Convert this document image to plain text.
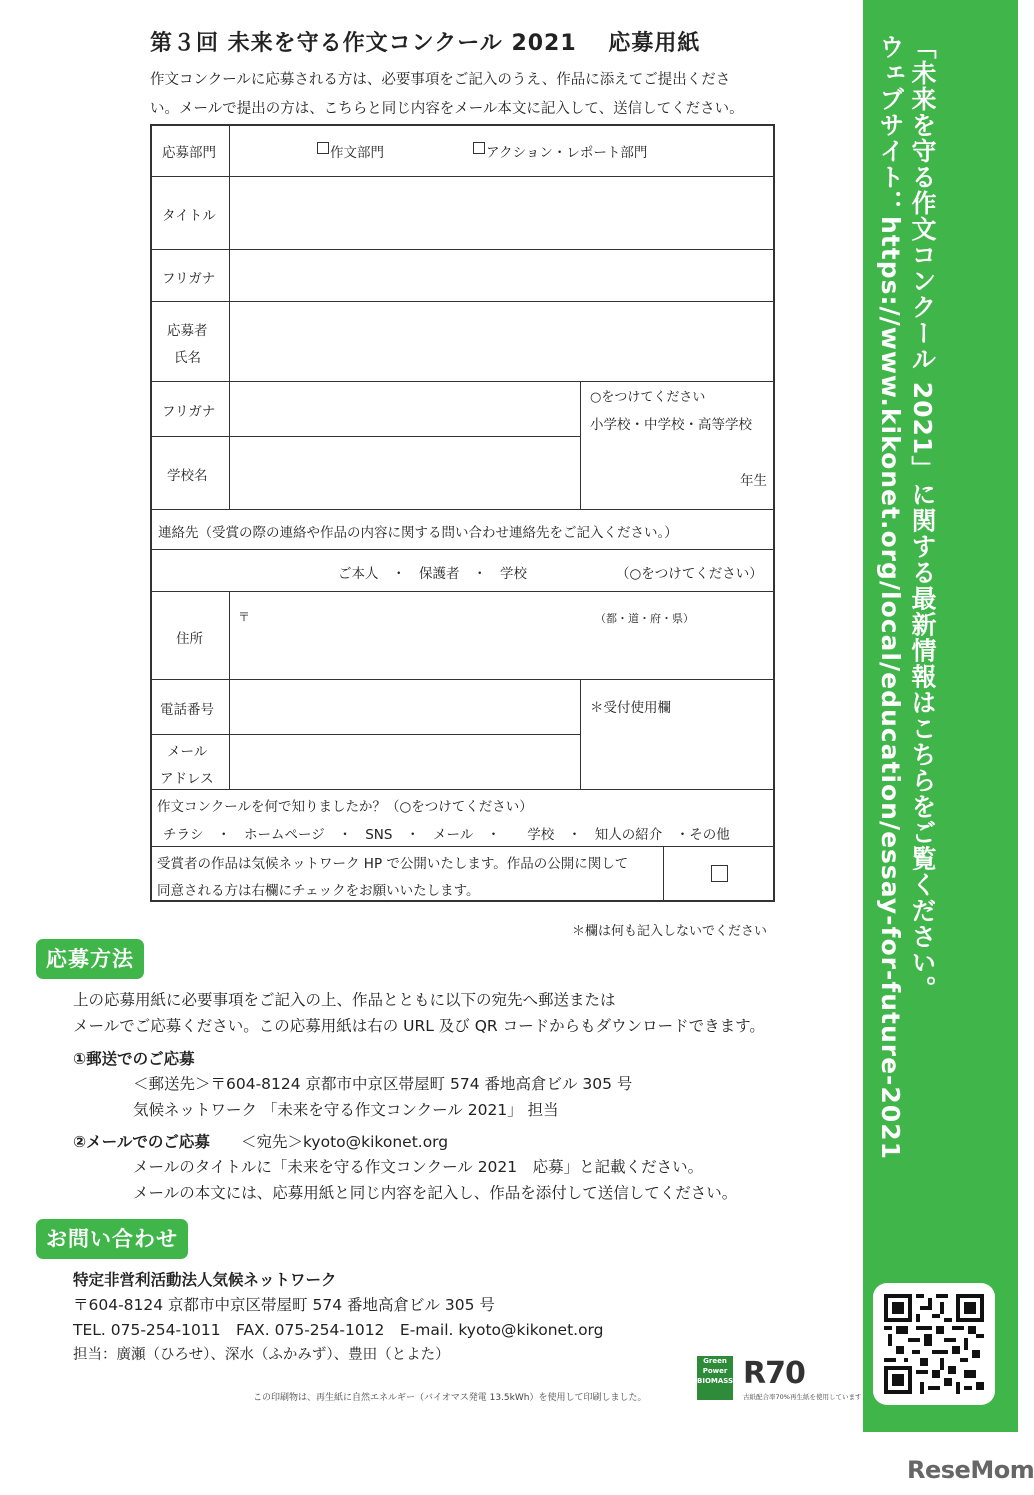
「未来を守る作文コンクール 2021」に関する最新情報はこちらをご覧ください。
ウェブサイト：https://www.kikonet.org/local/education/essay-for-future-2021
第３回 未来を守る作文コンクール 2021　 応募用紙
作文コンクールに応募される方は、必要事項をご記入のうえ、作品に添えてご提出くださ
い。メールで提出の方は、こちらと同じ内容をメール本文に記入して、送信してください。
応募部門	作文部門	アクション・レポート部門
タイトル
フリガナ
応募者
氏名
フリガナ
○をつけてください
小学校・中学校・高等学校
学校名	年生
連絡先（受賞の際の連絡や作品の内容に関する問い合わせ連絡先をご記入ください。）
ご本人　・　保護者　・　学校	（○をつけてください）
住所
〒	（都・道・府・県）
電話番号	＊受付使用欄
メール
アドレス
作文コンクールを何で知りましたか？（○をつけてください）
チラシ　・　ホームページ　・　SNS　・　メール　・　　学校　・　知人の紹介　・その他
受賞者の作品は気候ネットワーク HP で公開いたします。作品の公開に関して
同意される方は右欄にチェックをお願いいたします。
＊欄は何も記入しないでください
応募方法
上の応募用紙に必要事項をご記入の上、作品とともに以下の宛先へ郵送または
メールでご応募ください。この応募用紙は右の URL 及び QR コードからもダウンロードできます。
①郵送でのご応募
＜郵送先＞〒604-8124 京都市中京区帯屋町 574 番地高倉ビル 305 号
気候ネットワーク 「未来を守る作文コンクール 2021」 担当
②メールでのご応募 ＜宛先＞kyoto@kikonet.org
メールのタイトルに「未来を守る作文コンクール 2021　応募」と記載ください。
メールの本文には、応募用紙と同じ内容を記入し、作品を添付して送信してください。
お問い合わせ
特定非営利活動法人気候ネットワーク
〒604-8124 京都市中京区帯屋町 574 番地高倉ビル 305 号
TEL. 075-254-1011　FAX. 075-254-1012　E-mail. kyoto@kikonet.org
担当：廣瀬（ひろせ）、深水（ふかみず）、豊田（とよた）
この印刷物は、再生紙に自然エネルギー（バイオマス発電 13.5kWh）を使用して印刷しました。
Green Power BIOMASS R70
古紙配合率70%再生紙を使用しています
ReseMom
